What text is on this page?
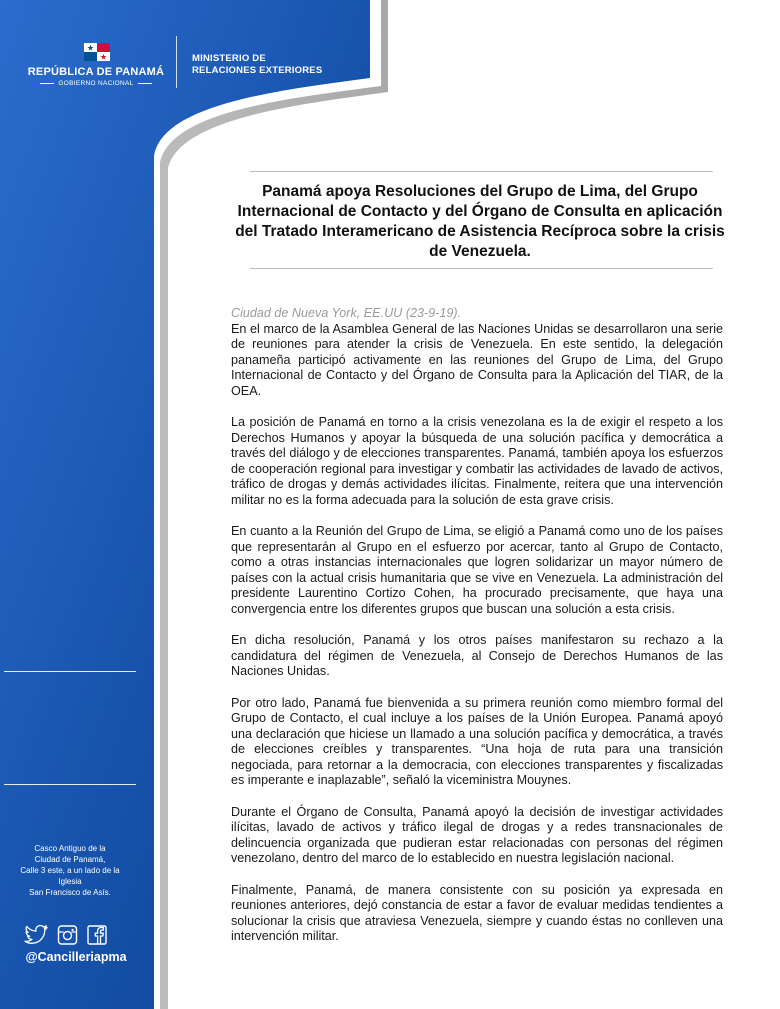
REPÚBLICA DE PANAMÁ
GOBIERNO NACIONAL
MINISTERIO DE
RELACIONES EXTERIORES
Panamá apoya Resoluciones del Grupo de Lima, del Grupo Internacional de Contacto y del Órgano de Consulta en aplicación del Tratado Interamericano de Asistencia Recíproca sobre la crisis de Venezuela.
Ciudad de Nueva York, EE.UU (23-9-19).

En el marco de la Asamblea General de las Naciones Unidas se desarrollaron una serie de reuniones para atender la crisis de Venezuela. En este sentido, la delegación panameña participó activamente en las reuniones del Grupo de Lima, del Grupo Internacional de Contacto y del Órgano de Consulta para la Aplicación del TIAR, de la OEA.

La posición de Panamá en torno a la crisis venezolana es la de exigir el respeto a los Derechos Humanos y apoyar la búsqueda de una solución pacífica y democrática a través del diálogo y de elecciones transparentes. Panamá, también apoya los esfuerzos de cooperación regional para investigar y combatir las actividades de lavado de activos, tráfico de drogas y demás actividades ilícitas. Finalmente, reitera que una intervención militar no es la forma adecuada para la solución de esta grave crisis.

En cuanto a la Reunión del Grupo de Lima, se eligió a Panamá como uno de los países que representarán al Grupo en el esfuerzo por acercar, tanto al Grupo de Contacto, como a otras instancias internacionales que logren solidarizar un mayor número de países con la actual crisis humanitaria que se vive en Venezuela. La administración del presidente Laurentino Cortizo Cohen, ha procurado precisamente, que haya una convergencia entre los diferentes grupos que buscan una solución a esta crisis.

En dicha resolución, Panamá y los otros países manifestaron su rechazo a la candidatura del régimen de Venezuela, al Consejo de Derechos Humanos de las Naciones Unidas.

Por otro lado, Panamá fue bienvenida a su primera reunión como miembro formal del Grupo de Contacto, el cual incluye a los países de la Unión Europea. Panamá apoyó una declaración que hiciese un llamado a una solución pacífica y democrática, a través de elecciones creíbles y transparentes. “Una hoja de ruta para una transición negociada, para retornar a la democracia, con elecciones transparentes y fiscalizadas es imperante e inaplazable”, señaló la viceministra Mouynes.

Durante el Órgano de Consulta, Panamá apoyó la decisión de investigar actividades ilícitas, lavado de activos y tráfico ilegal de drogas y a redes transnacionales de delincuencia organizada que pudieran estar relacionadas con personas del régimen venezolano, dentro del marco de lo establecido en nuestra legislación nacional.

Finalmente, Panamá, de manera consistente con su posición ya expresada en reuniones anteriores, dejó constancia de estar a favor de evaluar medidas tendientes a solucionar la crisis que atraviesa Venezuela, siempre y cuando éstas no conlleven una intervención militar.

Casco Antiguo de la
Ciudad de Panamá,
Calle 3 este, a un lado de la
Iglesia
San Francisco de Asís.
@Cancilleriapma
